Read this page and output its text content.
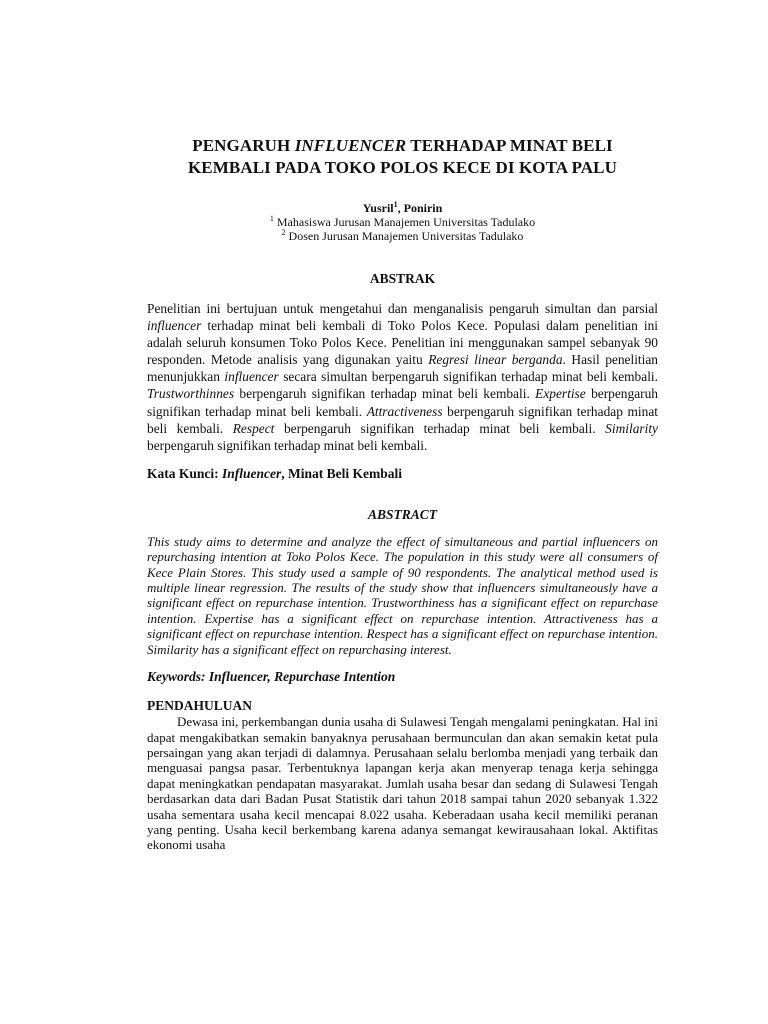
PENGARUH INFLUENCER TERHADAP MINAT BELI
KEMBALI PADA TOKO POLOS KECE DI KOTA PALU
Yusril$^1$, Ponirin
$^1$ Mahasiswa Jurusan Manajemen Universitas Tadulako
$^2$ Dosen Jurusan Manajemen Universitas Tadulako
ABSTRAK

Penelitian ini bertujuan untuk mengetahui dan menganalisis pengaruh simultan dan parsial influencer terhadap minat beli kembali di Toko Polos Kece. Populasi dalam penelitian ini adalah seluruh konsumen Toko Polos Kece. Penelitian ini menggunakan sampel sebanyak 90 responden. Metode analisis yang digunakan yaitu Regresi linear berganda. Hasil penelitian menunjukkan influencer secara simultan berpengaruh signifikan terhadap minat beli kembali. Trustworthinnes berpengaruh signifikan terhadap minat beli kembali. Expertise berpengaruh signifikan terhadap minat beli kembali. Attractiveness berpengaruh signifikan terhadap minat beli kembali. Respect berpengaruh signifikan terhadap minat beli kembali. Similarity berpengaruh signifikan terhadap minat beli kembali.

Kata Kunci: Influencer, Minat Beli Kembali
ABSTRACT

This study aims to determine and analyze the effect of simultaneous and partial influencers on repurchasing intention at Toko Polos Kece. The population in this study were all consumers of Kece Plain Stores. This study used a sample of 90 respondents. The analytical method used is multiple linear regression. The results of the study show that influencers simultaneously have a significant effect on repurchase intention. Trustworthiness has a significant effect on repurchase intention. Expertise has a significant effect on repurchase intention. Attractiveness has a significant effect on repurchase intention. Respect has a significant effect on repurchase intention. Similarity has a significant effect on repurchasing interest.

Keywords: Influencer, Repurchase Intention
PENDAHULUAN

Dewasa ini, perkembangan dunia usaha di Sulawesi Tengah mengalami peningkatan. Hal ini dapat mengakibatkan semakin banyaknya perusahaan bermunculan dan akan semakin ketat pula persaingan yang akan terjadi di dalamnya. Perusahaan selalu berlomba menjadi yang terbaik dan menguasai pangsa pasar. Terbentuknya lapangan kerja akan menyerap tenaga kerja sehingga dapat meningkatkan pendapatan masyarakat. Jumlah usaha besar dan sedang di Sulawesi Tengah berdasarkan data dari Badan Pusat Statistik dari tahun 2018 sampai tahun 2020 sebanyak 1.322 usaha sementara usaha kecil mencapai 8.022 usaha. Keberadaan usaha kecil memiliki peranan yang penting. Usaha kecil berkembang karena adanya semangat kewirausahaan lokal. Aktifitas ekonomi usaha
